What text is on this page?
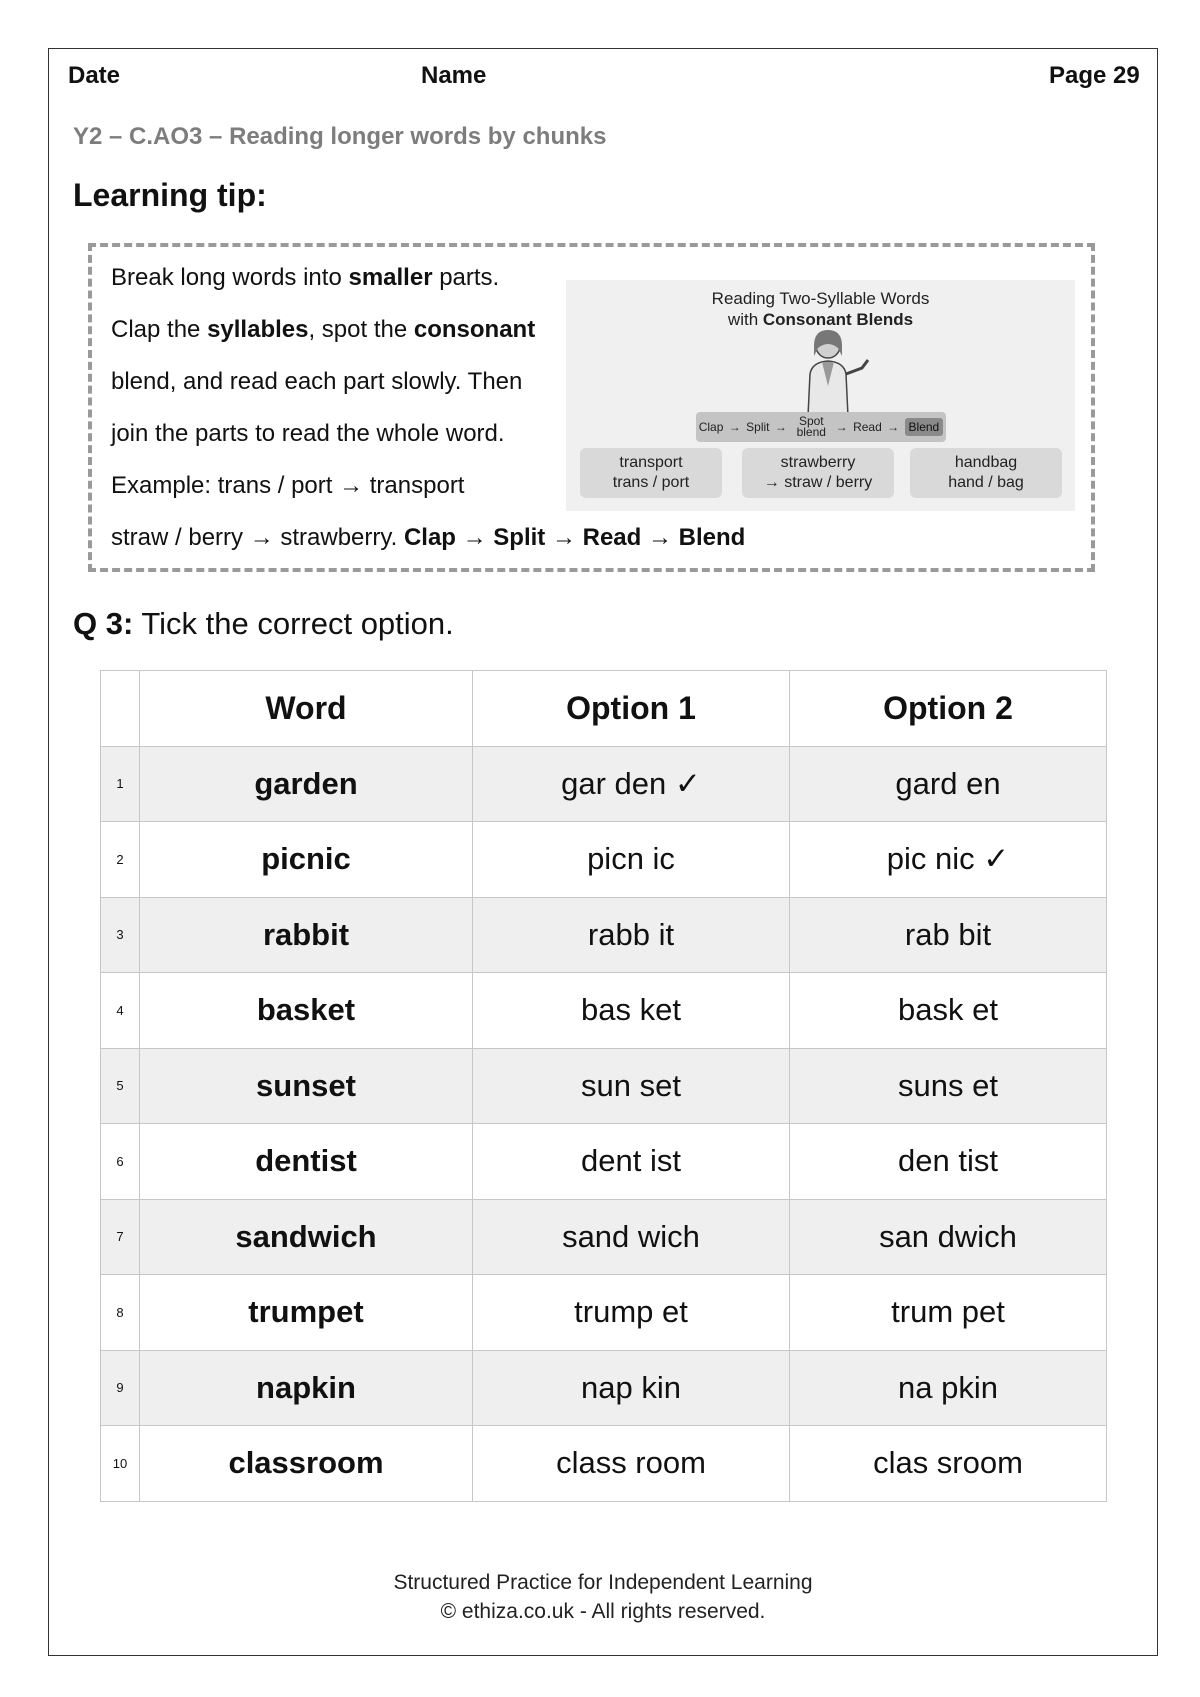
Date	Name	Page 29
Y2 – C.AO3 – Reading longer words by chunks
Learning tip:
Break long words into smaller parts.
Clap the syllables, spot the consonant
blend, and read each part slowly. Then
join the parts to read the whole word.
Example: trans / port → transport
straw / berry → strawberry. Clap → Split → Read → Blend
Reading Two-Syllable Words
with Consonant Blends
Clap → Split →	Spot blend → Read → Blend
transport
trans / port
strawberry
→ straw / berry
handbag
hand / bag
Q 3: Tick the correct option.
	Word	Option 1	Option 2
1	garden	gar den ✓	gard en
2	picnic	picn ic	pic nic ✓
3	rabbit	rabb it	rab bit
4	basket	bas ket	bask et
5	sunset	sun set	suns et
6	dentist	dent ist	den tist
7	sandwich	sand wich	san dwich
8	trumpet	trump et	trum pet
9	napkin	nap kin	na pkin
10	classroom	class room	clas sroom
Structured Practice for Independent Learning
© ethiza.co.uk - All rights reserved.
